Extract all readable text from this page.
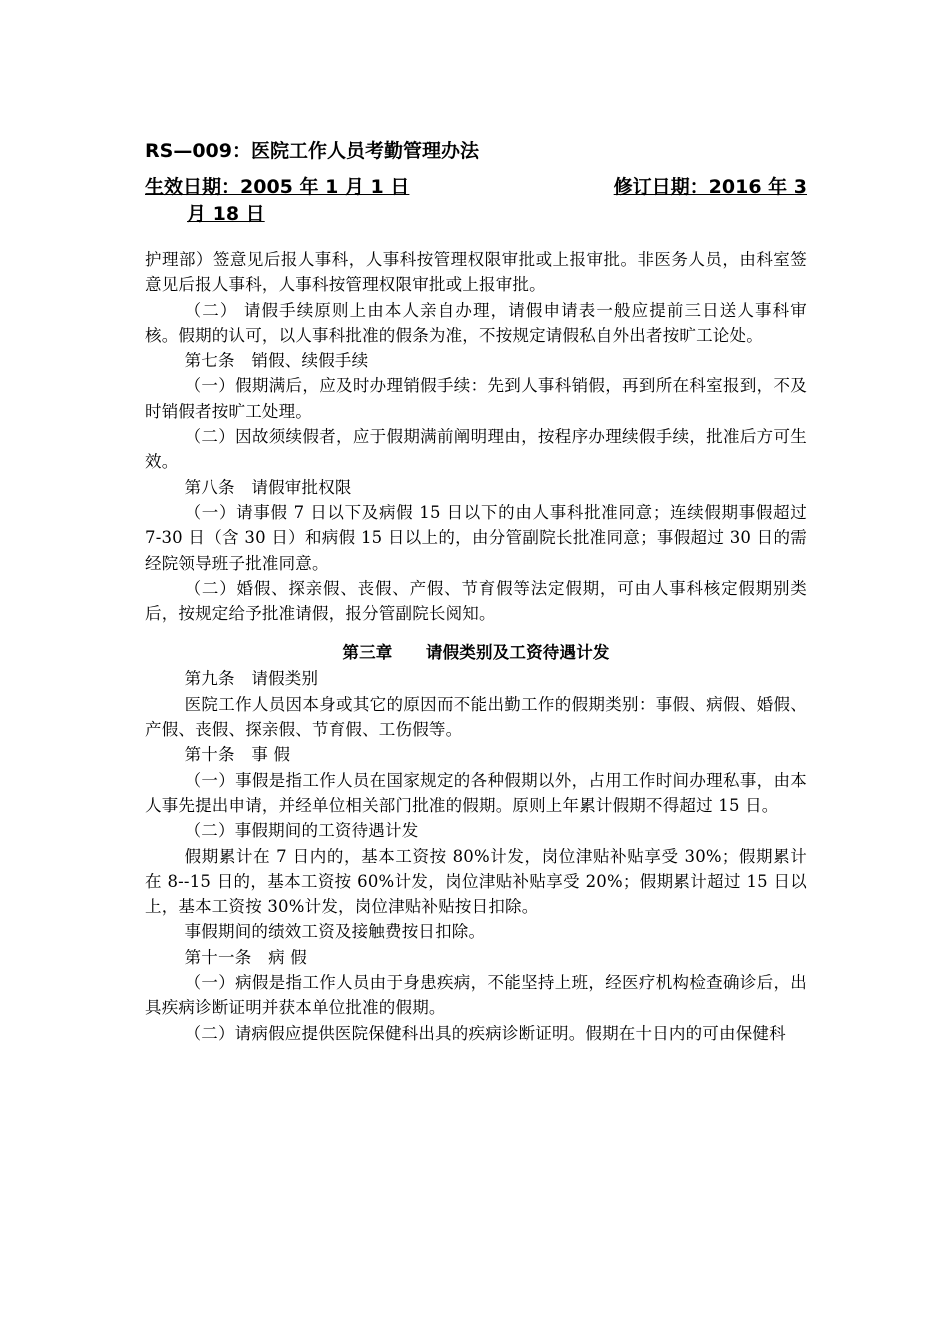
RS—009：医院工作人员考勤管理办法
生效日期：2005 年 1 月 1 日	修订日期：2016 年 3
月 18 日

护理部）签意见后报人事科，人事科按管理权限审批或上报审批。非医务人员，由科室签意见后报人事科，人事科按管理权限审批或上报审批。

（二） 请假手续原则上由本人亲自办理，请假申请表一般应提前三日送人事科审核。假期的认可，以人事科批准的假条为准，不按规定请假私自外出者按旷工论处。

第七条　销假、续假手续

（一）假期满后，应及时办理销假手续：先到人事科销假，再到所在科室报到，不及时销假者按旷工处理。

（二）因故须续假者，应于假期满前阐明理由，按程序办理续假手续，批准后方可生效。

第八条　请假审批权限

（一）请事假 7 日以下及病假 15 日以下的由人事科批准同意；连续假期事假超过 7-30 日（含 30 日）和病假 15 日以上的，由分管副院长批准同意；事假超过 30 日的需经院领导班子批准同意。

（二）婚假、探亲假、丧假、产假、节育假等法定假期，可由人事科核定假期别类后，按规定给予批准请假，报分管副院长阅知。

第三章　　请假类别及工资待遇计发

第九条　请假类别

医院工作人员因本身或其它的原因而不能出勤工作的假期类别：事假、病假、婚假、产假、丧假、探亲假、节育假、工伤假等。

第十条　事 假

（一）事假是指工作人员在国家规定的各种假期以外，占用工作时间办理私事，由本人事先提出申请，并经单位相关部门批准的假期。原则上年累计假期不得超过 15 日。

（二）事假期间的工资待遇计发

假期累计在 7 日内的，基本工资按 80%计发，岗位津贴补贴享受 30%；假期累计在 8--15 日的，基本工资按 60%计发，岗位津贴补贴享受 20%；假期累计超过 15 日以上，基本工资按 30%计发，岗位津贴补贴按日扣除。

事假期间的绩效工资及接触费按日扣除。

第十一条　病 假

（一）病假是指工作人员由于身患疾病，不能坚持上班，经医疗机构检查确诊后，出具疾病诊断证明并获本单位批准的假期。

（二）请病假应提供医院保健科出具的疾病诊断证明。假期在十日内的可由保健科
